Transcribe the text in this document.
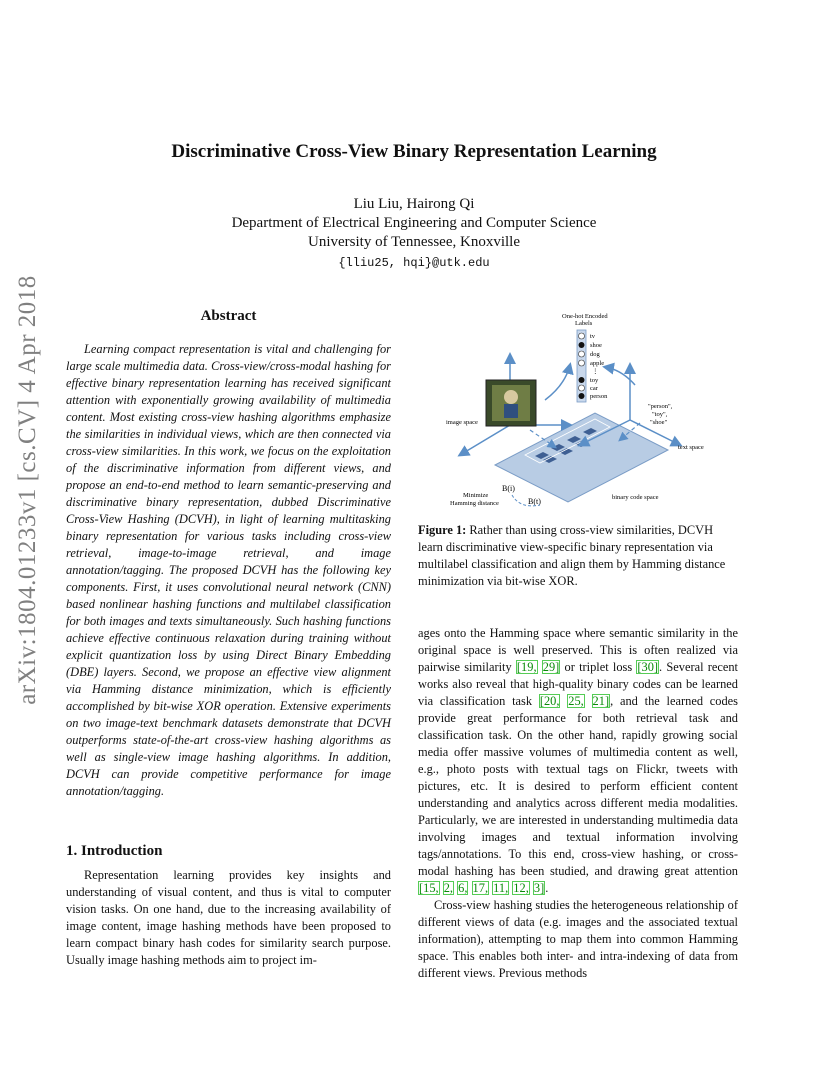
arXiv:1804.01233v1 [cs.CV] 4 Apr 2018
Discriminative Cross-View Binary Representation Learning
Liu Liu, Hairong Qi
Department of Electrical Engineering and Computer Science
University of Tennessee, Knoxville
{lliu25, hqi}@utk.edu
Abstract

Learning compact representation is vital and challenging for large scale multimedia data. Cross-view/cross-modal hashing for effective binary representation learning has received significant attention with exponentially growing availability of multimedia content. Most existing cross-view hashing algorithms emphasize the similarities in individual views, which are then connected via cross-view similarities. In this work, we focus on the exploitation of the discriminative information from different views, and propose an end-to-end method to learn semantic-preserving and discriminative binary representation, dubbed Discriminative Cross-View Hashing (DCVH), in light of learning multitasking binary representation for various tasks including cross-view retrieval, image-to-image retrieval, and image annotation/tagging. The proposed DCVH has the following key components. First, it uses convolutional neural network (CNN) based nonlinear hashing functions and multilabel classification for both images and texts simultaneously. Such hashing functions achieve effective continuous relaxation during training without explicit quantization loss by using Direct Binary Embedding (DBE) layers. Second, we propose an effective view alignment via Hamming distance minimization, which is efficiently accomplished by bit-wise XOR operation. Extensive experiments on two image-text benchmark datasets demonstrate that DCVH outperforms state-of-the-art cross-view hashing algorithms as well as single-view image hashing algorithms. In addition, DCVH can provide competitive performance for image annotation/tagging.

1. Introduction

Representation learning provides key insights and understanding of visual content, and thus is vital to computer vision tasks. On one hand, due to the increasing availability of image content, image hashing methods have been proposed to learn compact binary hash codes for similarity search purpose. Usually image hashing methods aim to project im-

One-hot Encoded
Labels
tv
shoe
dog
apple
⋮
toy
car
person
image space
"person",
"toy",
"shoe"
text space
binary code space
Minimize
Hamming distance
B(i)
B(t)
Figure 1: Rather than using cross-view similarities, DCVH learn discriminative view-specific binary representation via multilabel classification and align them by Hamming distance minimization via bit-wise XOR.

ages onto the Hamming space where semantic similarity in the original space is well preserved. This is often realized via pairwise similarity [19, 29] or triplet loss [30]. Several recent works also reveal that high-quality binary codes can be learned via classification task [20, 25, 21], and the learned codes provide great performance for both retrieval task and classification task. On the other hand, rapidly growing social media offer massive volumes of multimedia content as well, e.g., photo posts with textual tags on Flickr, tweets with pictures, etc. It is desired to perform efficient content understanding and analytics across different media modalities. Particularly, we are interested in understanding multimedia data involving images and textual information involving tags/annotations. To this end, cross-view hashing, or cross-modal hashing has been studied, and drawing great attention [15, 2, 6, 17, 11, 12, 3].

Cross-view hashing studies the heterogeneous relationship of different views of data (e.g. images and the associated textual information), attempting to map them into common Hamming space. This enables both inter- and intra-indexing of data from different views. Previous methods
